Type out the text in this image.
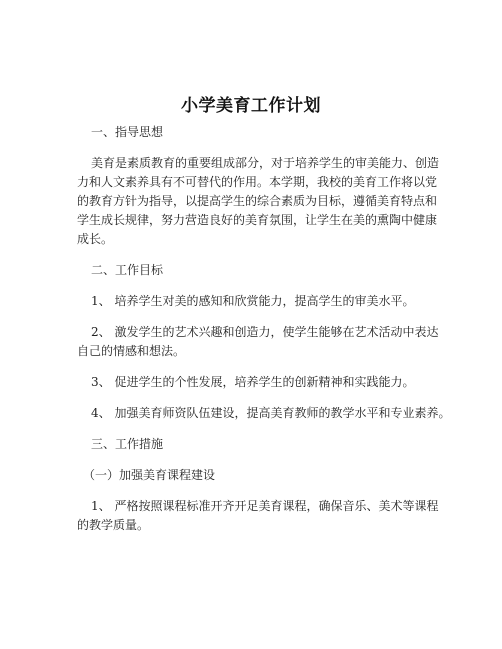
小学美育工作计划
一、指导思想
美育是素质教育的重要组成部分，对于培养学生的审美能力、创造
力和人文素养具有不可替代的作用。本学期，我校的美育工作将以党
的教育方针为指导，以提高学生的综合素质为目标，遵循美育特点和
学生成长规律，努力营造良好的美育氛围，让学生在美的熏陶中健康
成长。
二、工作目标
1、 培养学生对美的感知和欣赏能力，提高学生的审美水平。
2、 激发学生的艺术兴趣和创造力，使学生能够在艺术活动中表达
自己的情感和想法。
3、 促进学生的个性发展，培养学生的创新精神和实践能力。
4、 加强美育师资队伍建设，提高美育教师的教学水平和专业素养。
三、工作措施
（一）加强美育课程建设
1、 严格按照课程标准开齐开足美育课程，确保音乐、美术等课程
的教学质量。
